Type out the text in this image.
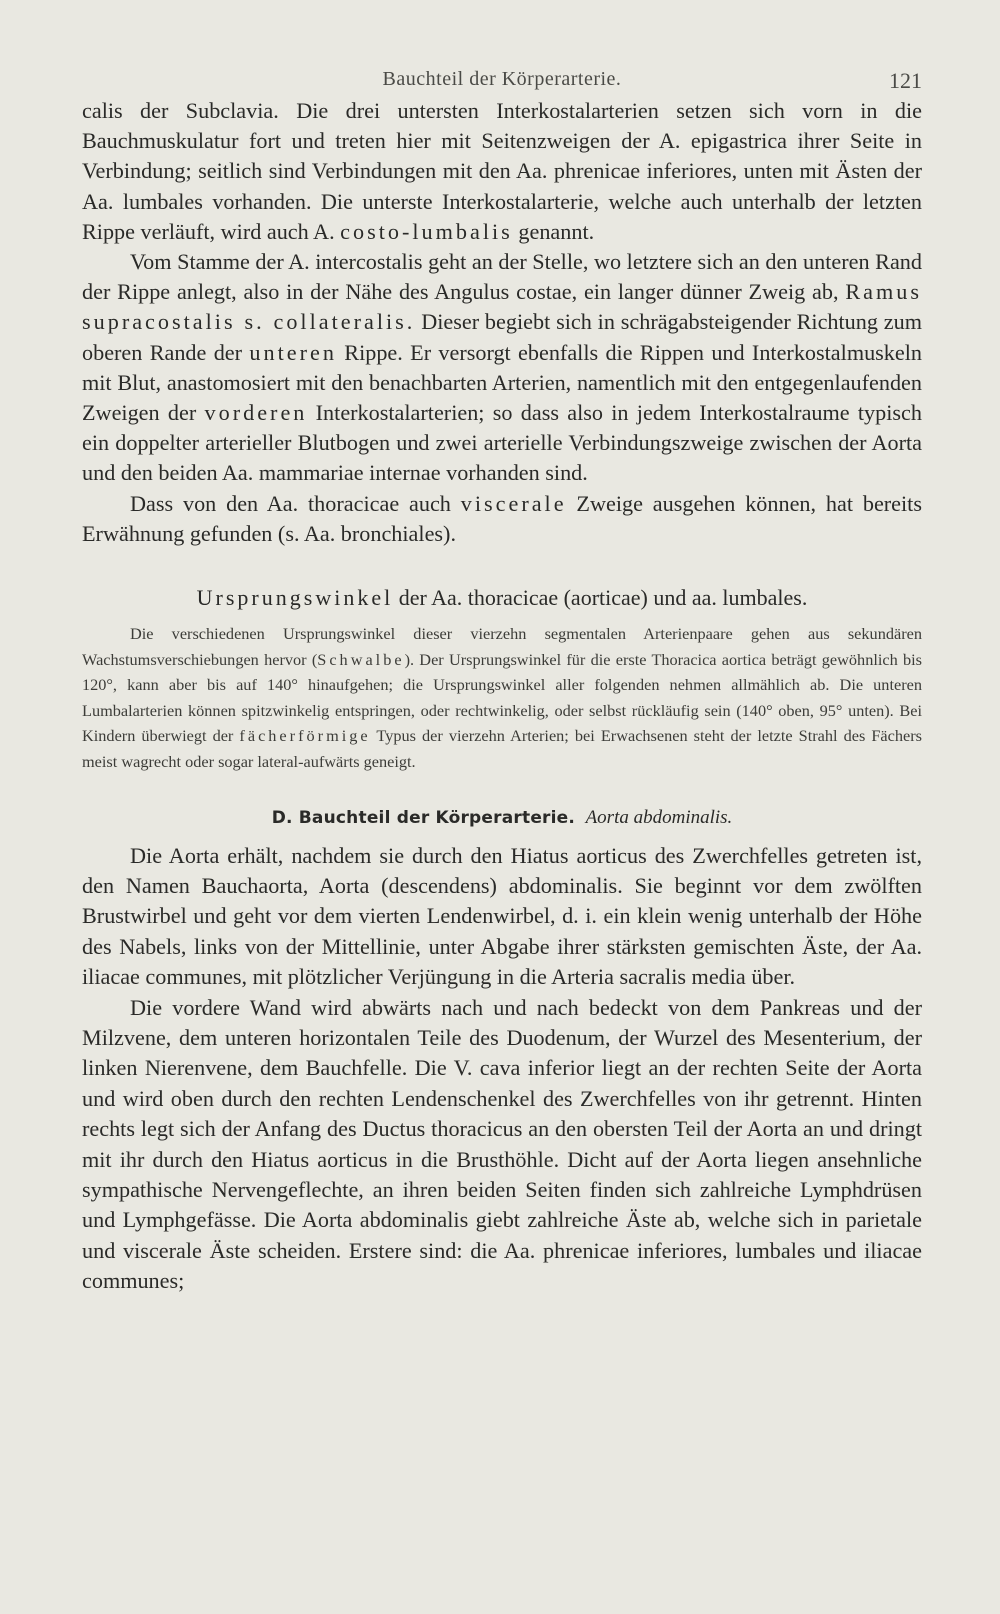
Bauchteil der Körperarterie.	121

calis der Subclavia. Die drei untersten Interkostalarterien setzen sich vorn in die Bauchmuskulatur fort und treten hier mit Seitenzweigen der A. epigastrica ihrer Seite in Verbindung; seitlich sind Verbindungen mit den Aa. phrenicae inferiores, unten mit Ästen der Aa. lumbales vorhanden. Die unterste Interkostalarterie, welche auch unterhalb der letzten Rippe verläuft, wird auch A. costo-lumbalis genannt.

Vom Stamme der A. intercostalis geht an der Stelle, wo letztere sich an den unteren Rand der Rippe anlegt, also in der Nähe des Angulus costae, ein langer dünner Zweig ab, Ramus supracostalis s. collateralis. Dieser begiebt sich in schrägabsteigender Richtung zum oberen Rande der unteren Rippe. Er versorgt ebenfalls die Rippen und Interkostalmuskeln mit Blut, anastomosiert mit den benachbarten Arterien, namentlich mit den entgegenlaufenden Zweigen der vorderen Interkostalarterien; so dass also in jedem Interkostalraume typisch ein doppelter arterieller Blutbogen und zwei arterielle Verbindungszweige zwischen der Aorta und den beiden Aa. mammariae internae vorhanden sind.

Dass von den Aa. thoracicae auch viscerale Zweige ausgehen können, hat bereits Erwähnung gefunden (s. Aa. bronchiales).

Ursprungswinkel der Aa. thoracicae (aorticae) und aa. lumbales.

Die verschiedenen Ursprungswinkel dieser vierzehn segmentalen Arterienpaare gehen aus sekundären Wachstumsverschiebungen hervor (Schwalbe). Der Ursprungswinkel für die erste Thoracica aortica beträgt gewöhnlich bis 120°, kann aber bis auf 140° hinaufgehen; die Ursprungswinkel aller folgenden nehmen allmählich ab. Die unteren Lumbalarterien können spitzwinkelig entspringen, oder rechtwinkelig, oder selbst rückläufig sein (140° oben, 95° unten). Bei Kindern überwiegt der fächerförmige Typus der vierzehn Arterien; bei Erwachsenen steht der letzte Strahl des Fächers meist wagrecht oder sogar lateral-aufwärts geneigt.

D. Bauchteil der Körperarterie. Aorta abdominalis.

Die Aorta erhält, nachdem sie durch den Hiatus aorticus des Zwerchfelles getreten ist, den Namen Bauchaorta, Aorta (descendens) abdominalis. Sie beginnt vor dem zwölften Brustwirbel und geht vor dem vierten Lendenwirbel, d. i. ein klein wenig unterhalb der Höhe des Nabels, links von der Mittellinie, unter Abgabe ihrer stärksten gemischten Äste, der Aa. iliacae communes, mit plötzlicher Verjüngung in die Arteria sacralis media über.

Die vordere Wand wird abwärts nach und nach bedeckt von dem Pankreas und der Milzvene, dem unteren horizontalen Teile des Duodenum, der Wurzel des Mesenterium, der linken Nierenvene, dem Bauchfelle. Die V. cava inferior liegt an der rechten Seite der Aorta und wird oben durch den rechten Lendenschenkel des Zwerchfelles von ihr getrennt. Hinten rechts legt sich der Anfang des Ductus thoracicus an den obersten Teil der Aorta an und dringt mit ihr durch den Hiatus aorticus in die Brusthöhle. Dicht auf der Aorta liegen ansehnliche sympathische Nervengeflechte, an ihren beiden Seiten finden sich zahlreiche Lymphdrüsen und Lymphgefässe. Die Aorta abdominalis giebt zahlreiche Äste ab, welche sich in parietale und viscerale Äste scheiden. Erstere sind: die Aa. phrenicae inferiores, lumbales und iliacae communes;
